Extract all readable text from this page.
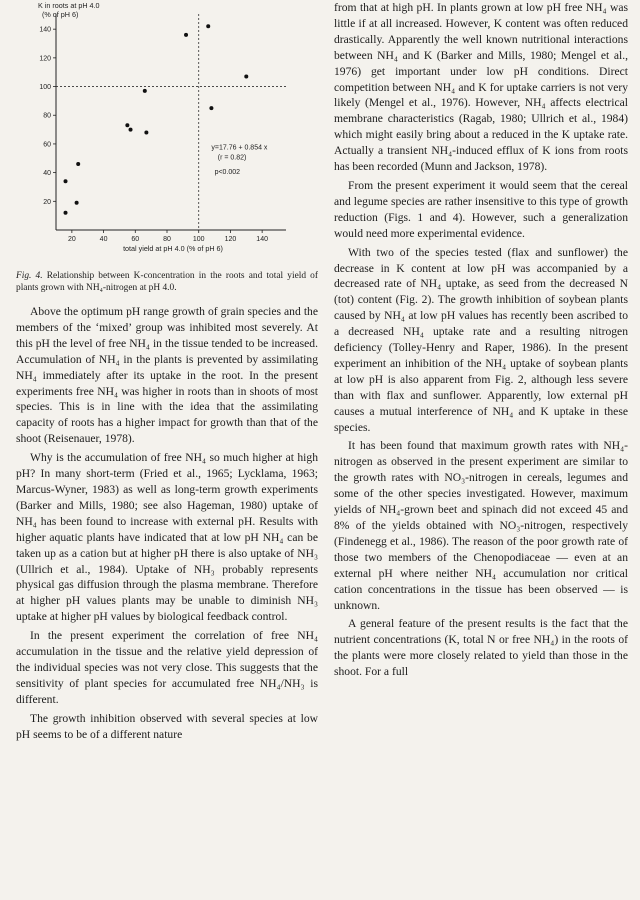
20	40	60	80	100	120	140
20
40
60
80
100
120
140
K in roots at pH 4.0
(% of pH 6)
total yield at pH 4.0 (% of pH 6)
y=17.76 + 0.854 x
(r = 0.82)
p<0.002
Fig. 4. Relationship between K-concentration in the roots and total yield of plants grown with NH₄-nitrogen at pH 4.0.

Above the optimum pH range growth of grain species and the members of the ‘mixed’ group was inhibited most severely. At this pH the level of free NH₄ in the tissue tended to be increased. Accumulation of NH₄ in the plants is prevented by assimilating NH₄ immediately after its uptake in the root. In the present experiments free NH₄ was higher in roots than in shoots of most species. This is in line with the idea that the assimilating capacity of roots has a higher impact for growth than that of the shoot (Reisenauer, 1978).

Why is the accumulation of free NH₄ so much higher at high pH? In many short-term (Fried et al., 1965; Lycklama, 1963; Marcus-Wyner, 1983) as well as long-term growth experiments (Barker and Mills, 1980; see also Hageman, 1980) uptake of NH₄ has been found to increase with external pH. Results with higher aquatic plants have indicated that at low pH NH₄ can be taken up as a cation but at higher pH there is also uptake of NH₃ (Ullrich et al., 1984). Uptake of NH₃ probably represents physical gas diffusion through the plasma membrane. Therefore at higher pH values plants may be unable to diminish NH₃ uptake at higher pH values by biological feedback control.

In the present experiment the correlation of free NH₄ accumulation in the tissue and the relative yield depression of the individual species was not very close. This suggests that the sensitivity of plant species for accumulated free NH₄/NH₃ is different.

The growth inhibition observed with several species at low pH seems to be of a different nature

from that at high pH. In plants grown at low pH free NH₄ was little if at all increased. However, K content was often reduced drastically. Apparently the well known nutritional interactions between NH₄ and K (Barker and Mills, 1980; Mengel et al., 1976) get important under low pH conditions. Direct competition between NH₄ and K for uptake carriers is not very likely (Mengel et al., 1976). However, NH₄ affects electrical membrane characteristics (Ragab, 1980; Ullrich et al., 1984) which might easily bring about a reduced in the K uptake rate. Actually a transient NH₄-induced efflux of K ions from roots has been recorded (Munn and Jackson, 1978).

From the present experiment it would seem that the cereal and legume species are rather insensitive to this type of growth reduction (Figs. 1 and 4). However, such a generalization would need more experimental evidence.

With two of the species tested (flax and sunflower) the decrease in K content at low pH was accompanied by a decreased rate of NH₄ uptake, as seed from the decreased N (tot) content (Fig. 2). The growth inhibition of soybean plants caused by NH₄ at low pH values has recently been ascribed to a decreased NH₄ uptake rate and a resulting nitrogen deficiency (Tolley-Henry and Raper, 1986). In the present experiment an inhibition of the NH₄ uptake of soybean plants at low pH is also apparent from Fig. 2, although less severe than with flax and sunflower. Apparently, low external pH causes a mutual interference of NH₄ and K uptake in these species.

It has been found that maximum growth rates with NH₄-nitrogen as observed in the present experiment are similar to the growth rates with NO₃-nitrogen in cereals, legumes and some of the other species investigated. However, maximum yields of NH₄-grown beet and spinach did not exceed 45 and 8% of the yields obtained with NO₃-nitrogen, respectively (Findenegg et al., 1986). The reason of the poor growth rate of those two members of the Chenopodiaceae — even at an external pH where neither NH₄ accumulation nor critical cation concentrations in the tissue has been observed — is unknown.

A general feature of the present results is the fact that the nutrient concentrations (K, total N or free NH₄) in the roots of the plants were more closely related to yield than those in the shoot. For a full
